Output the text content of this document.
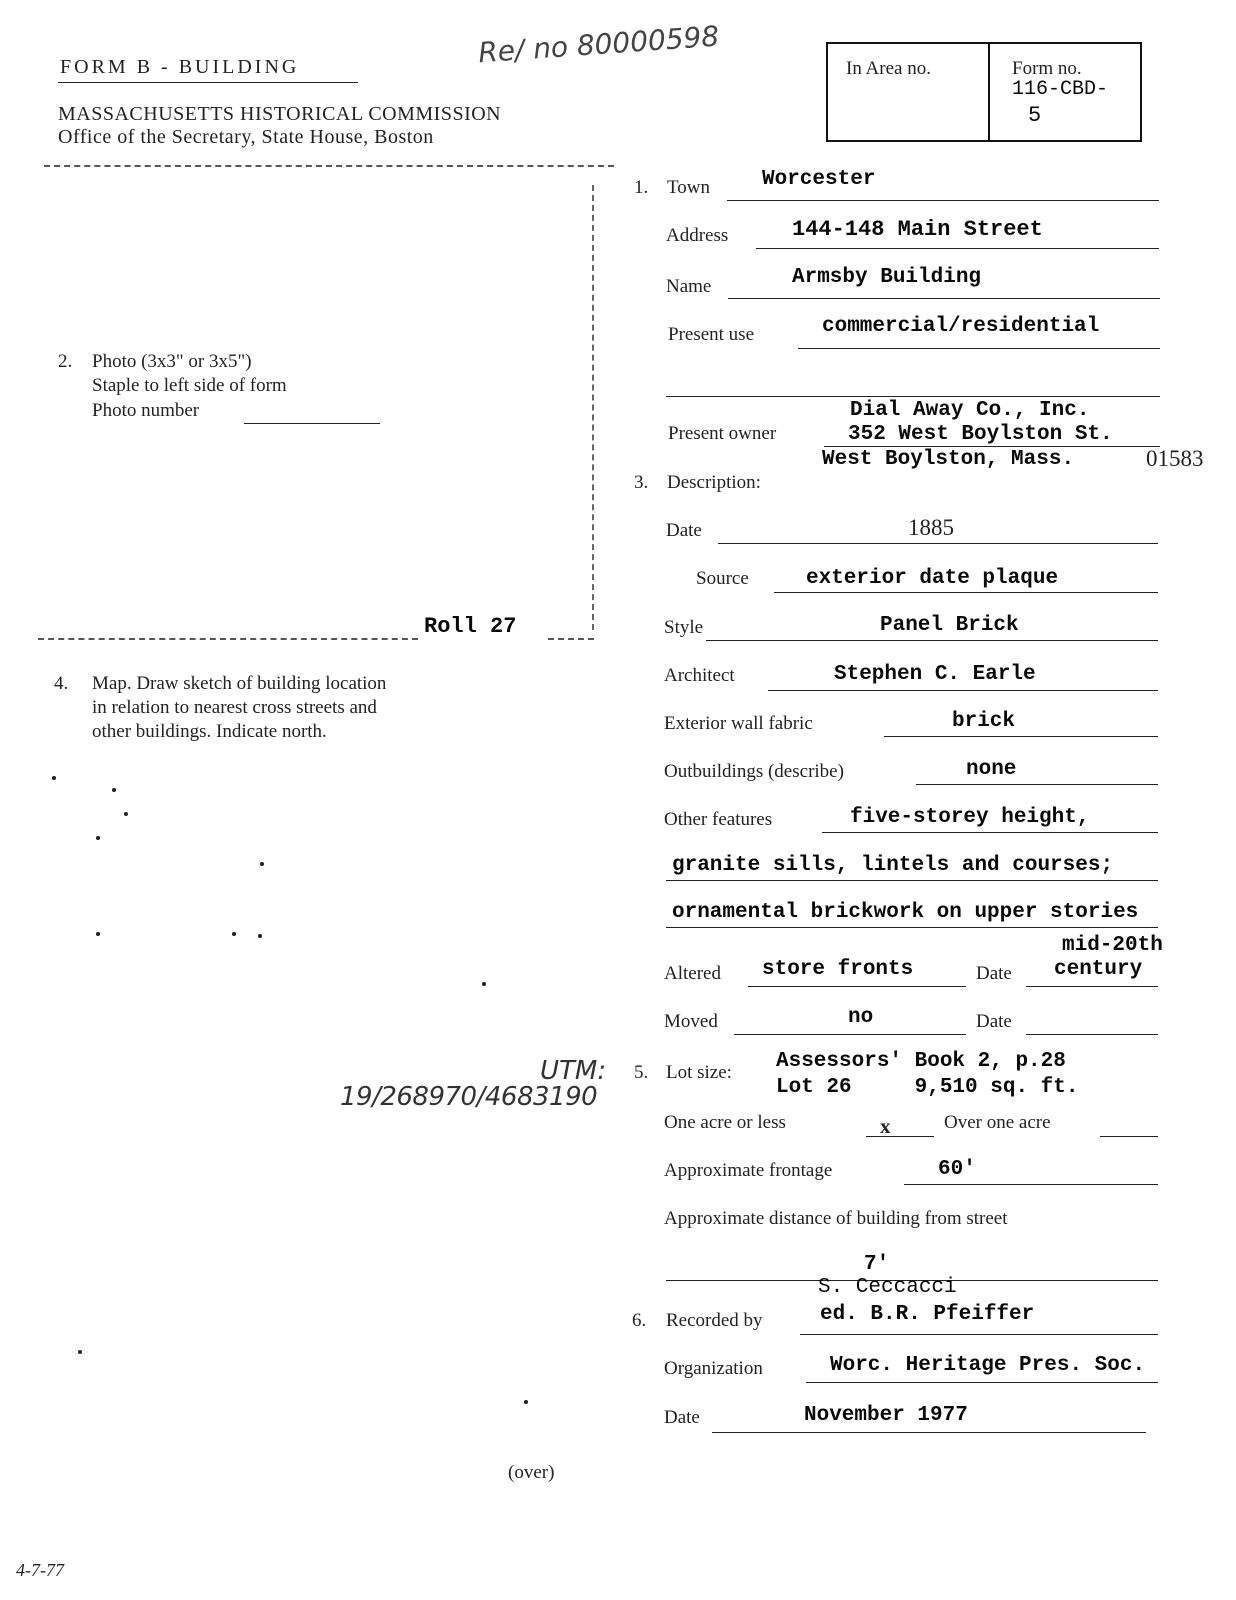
FORM B - BUILDING	Re/ no 80000598
MASSACHUSETTS HISTORICAL COMMISSION
Office of the Secretary, State House, Boston
In Area no.	Form no.
116-CBD-
5
2. Photo (3x3" or 3x5")
Staple to left side of form
Photo number
Roll 27
4. Map. Draw sketch of building location
in relation to nearest cross streets and
other buildings. Indicate north.
UTM:
19/268970/4683190
(over)
4-7-77
1. Town Worcester
Address	144-148 Main Street
Name	Armsby Building
Present use	commercial/residential
Dial Away Co., Inc.
Present owner	352 West Boylston St.
West Boylston, Mass.	01583
3. Description:
Date	1885
Source	exterior date plaque
Style	Panel Brick
Architect	Stephen C. Earle
Exterior wall fabric	brick
Outbuildings (describe)	none
Other features	five-storey height,
granite sills, lintels and courses;
ornamental brickwork on upper stories
Altered store fronts	Date
mid-20th
century
Moved	no	Date
5. Lot size: Assessors' Book 2, p.28
Lot 26     9,510 sq. ft.
One acre or less	x	Over one acre
Approximate frontage	60'
Approximate distance of building from street
7'
S. Ceccacci
6. Recorded by	ed. B.R. Pfeiffer
Organization	Worc. Heritage Pres. Soc.
Date	November 1977
